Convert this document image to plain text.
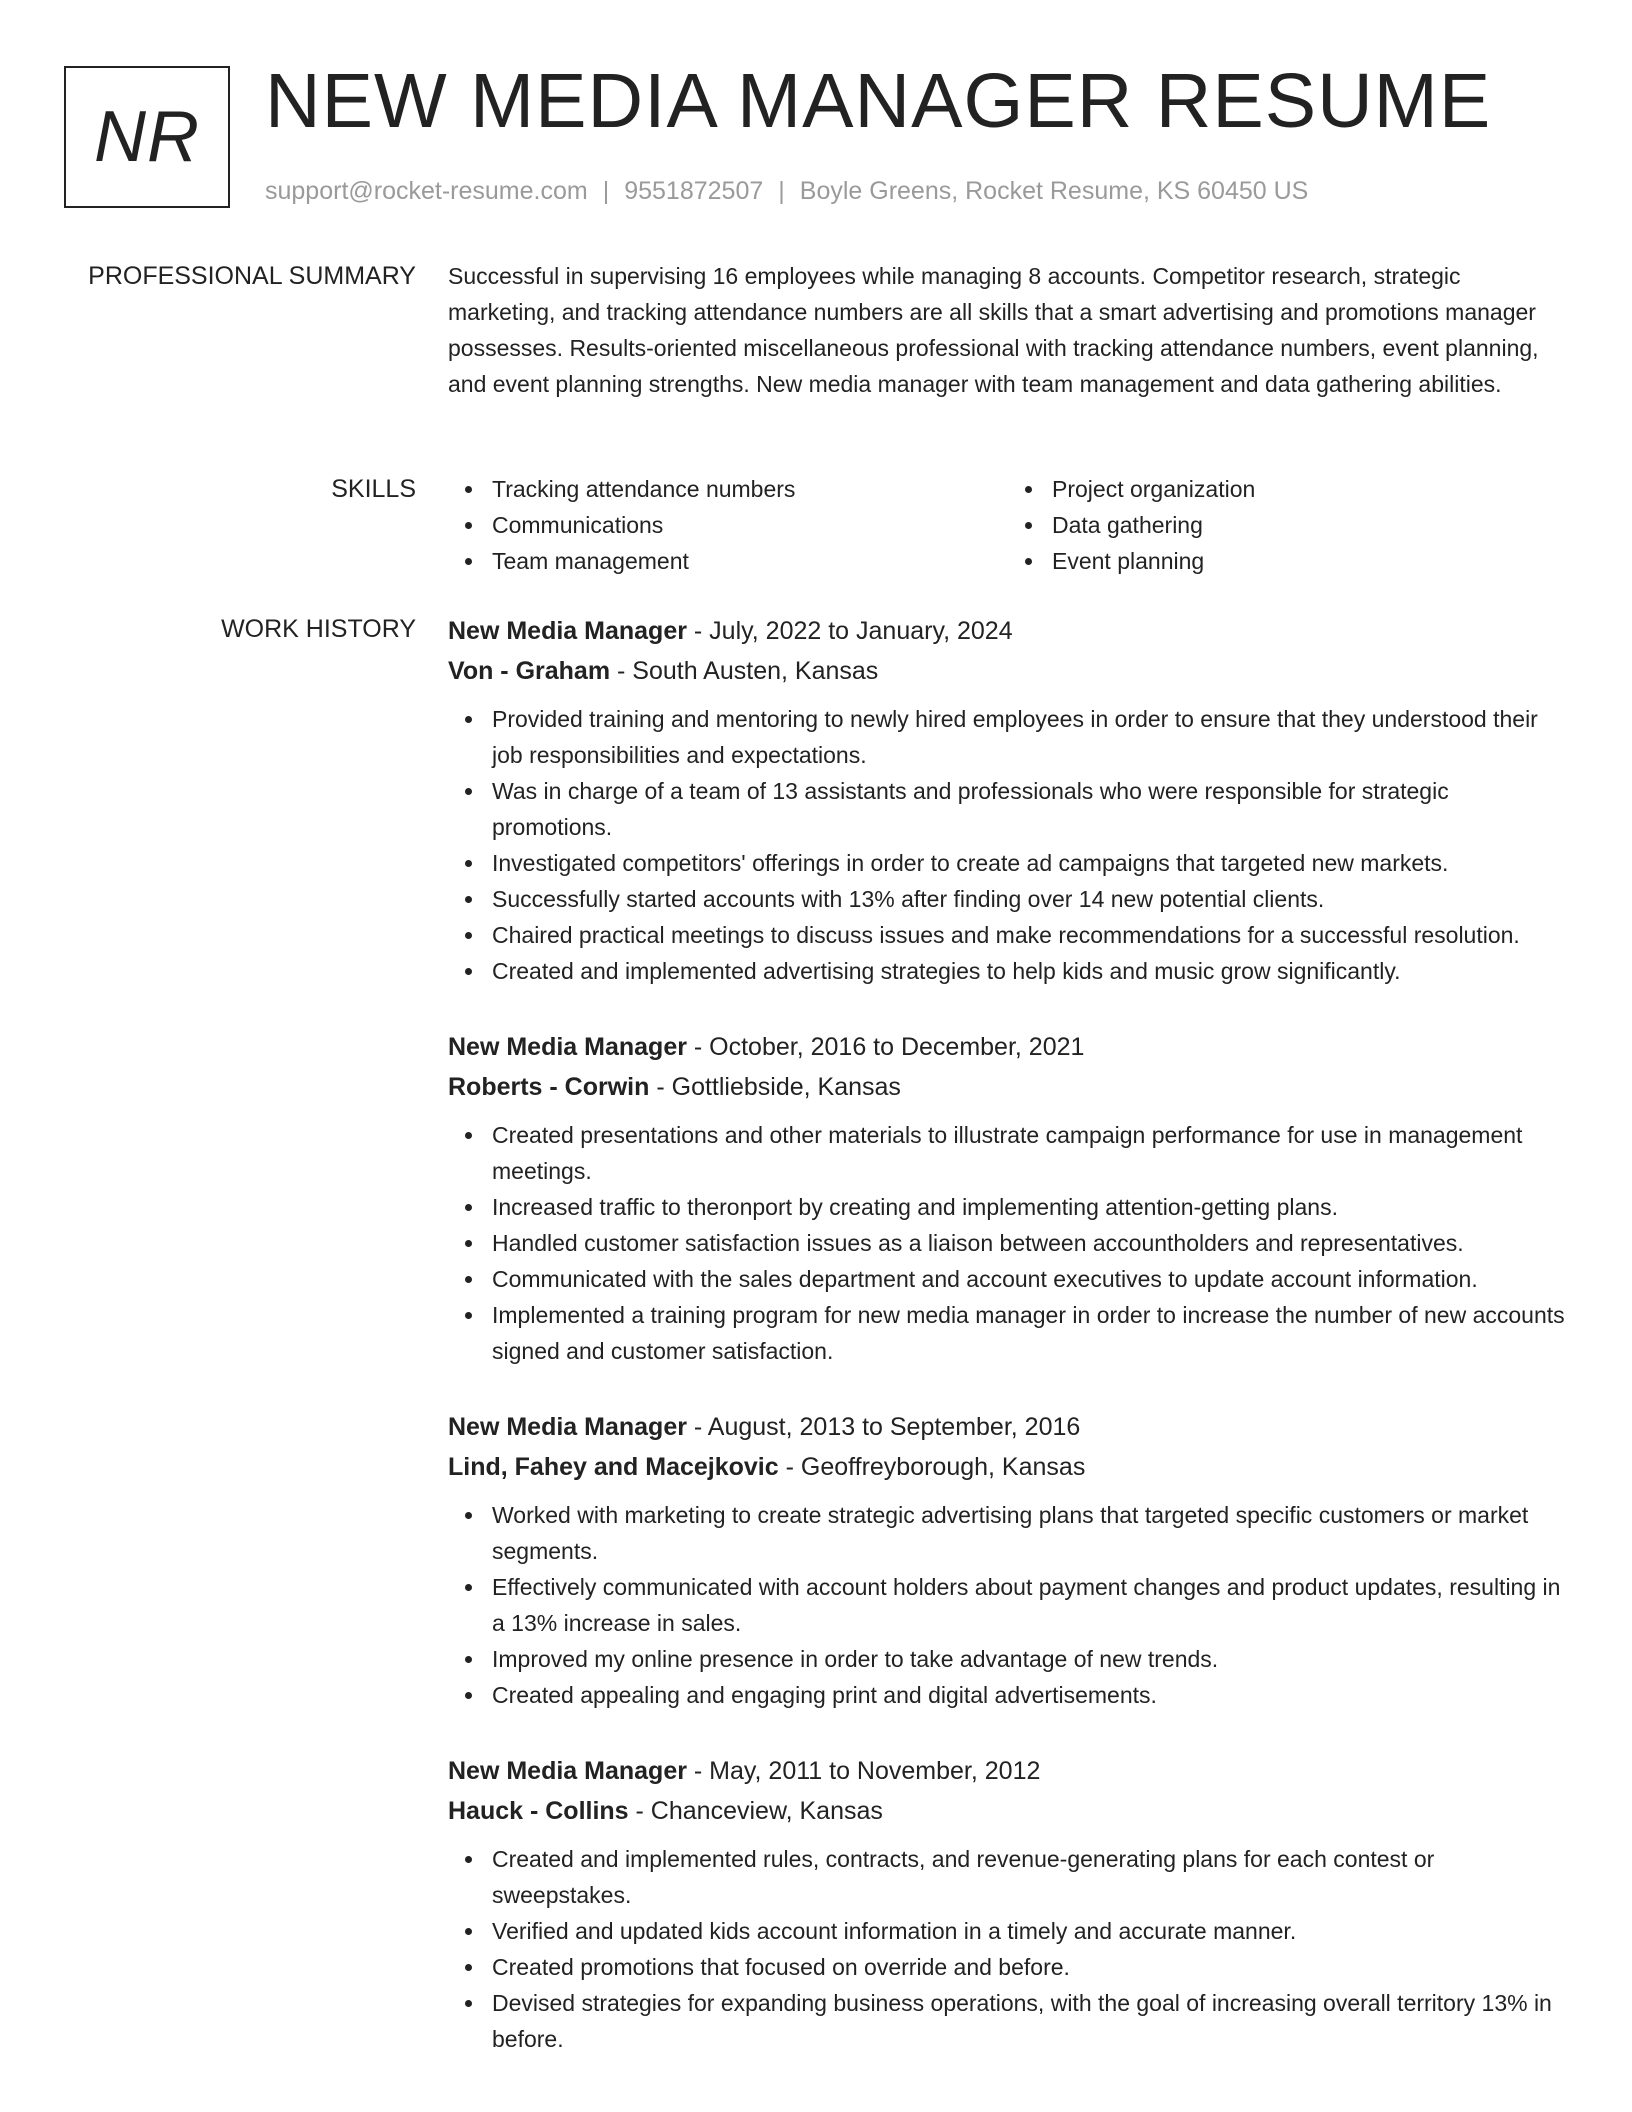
NR NEW MEDIA MANAGER RESUME
support@rocket-resume.com | 9551872507 | Boyle Greens, Rocket Resume, KS 60450 US
PROFESSIONAL SUMMARY Successful in supervising 16 employees while managing 8 accounts. Competitor research, strategic marketing, and tracking attendance numbers are all skills that a smart advertising and promotions manager possesses. Results-oriented miscellaneous professional with tracking attendance numbers, event planning, and event planning strengths. New media manager with team management and data gathering abilities.

SKILLS	Tracking attendance numbers
Communications
Team management
Project organization
Data gathering
Event planning
WORK HISTORY New Media Manager - July, 2022 to January, 2024
Von - Graham - South Austen, Kansas
Provided training and mentoring to newly hired employees in order to ensure that they understood their job responsibilities and expectations.
Was in charge of a team of 13 assistants and professionals who were responsible for strategic promotions.
Investigated competitors' offerings in order to create ad campaigns that targeted new markets.
Successfully started accounts with 13% after finding over 14 new potential clients.
Chaired practical meetings to discuss issues and make recommendations for a successful resolution.
Created and implemented advertising strategies to help kids and music grow significantly.
New Media Manager - October, 2016 to December, 2021
Roberts - Corwin - Gottliebside, Kansas
Created presentations and other materials to illustrate campaign performance for use in management meetings.
Increased traffic to theronport by creating and implementing attention-getting plans.
Handled customer satisfaction issues as a liaison between accountholders and representatives.
Communicated with the sales department and account executives to update account information.
Implemented a training program for new media manager in order to increase the number of new accounts signed and customer satisfaction.
New Media Manager - August, 2013 to September, 2016
Lind, Fahey and Macejkovic - Geoffreyborough, Kansas
Worked with marketing to create strategic advertising plans that targeted specific customers or market segments.
Effectively communicated with account holders about payment changes and product updates, resulting in a 13% increase in sales.
Improved my online presence in order to take advantage of new trends.
Created appealing and engaging print and digital advertisements.
New Media Manager - May, 2011 to November, 2012
Hauck - Collins - Chanceview, Kansas
Created and implemented rules, contracts, and revenue-generating plans for each contest or sweepstakes.
Verified and updated kids account information in a timely and accurate manner.
Created promotions that focused on override and before.
Devised strategies for expanding business operations, with the goal of increasing overall territory 13% in before.
